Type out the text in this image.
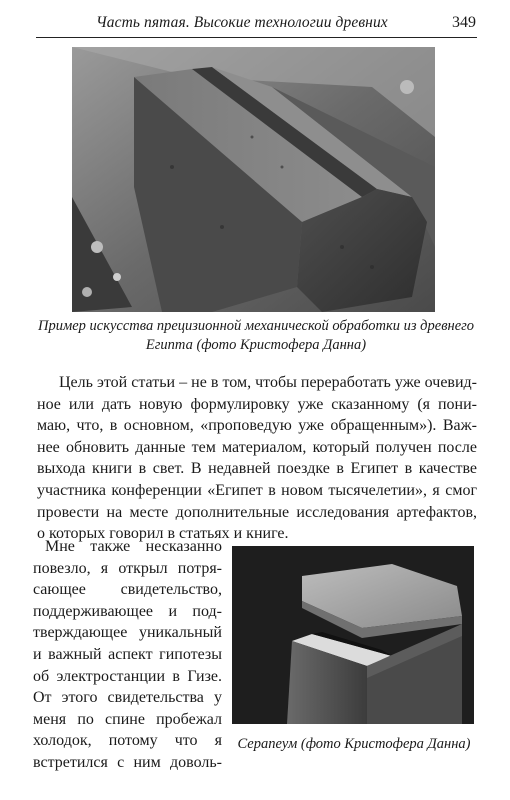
Часть пятая. Высокие технологии древних	349
Пример искусства прецизионной механической обработки из древнего
Египта (фото Кристофера Данна)
Цель этой статьи – не в том, чтобы переработать уже очевид-
ное или дать новую формулировку уже сказанному (я пони-
маю, что, в основном, «проповедую уже обращенным»). Важ-
нее обновить данные тем материалом, который получен после
выхода книги в свет. В недавней поездке в Египет в качестве
участника конференции «Египет в новом тысячелетии», я смог
провести на месте дополнительные исследования артефактов,
о которых говорил в статьях и книге.
Мне также несказанно
повезло, я открыл потря-
сающее свидетельство,
поддерживающее и под-
тверждающее уникальный
и важный аспект гипотезы
об электростанции в Гизе.
От этого свидетельства у
меня по спине пробежал
холодок, потому что я
встретился с ним доволь-
Серапеум (фото Кристофера Данна)
